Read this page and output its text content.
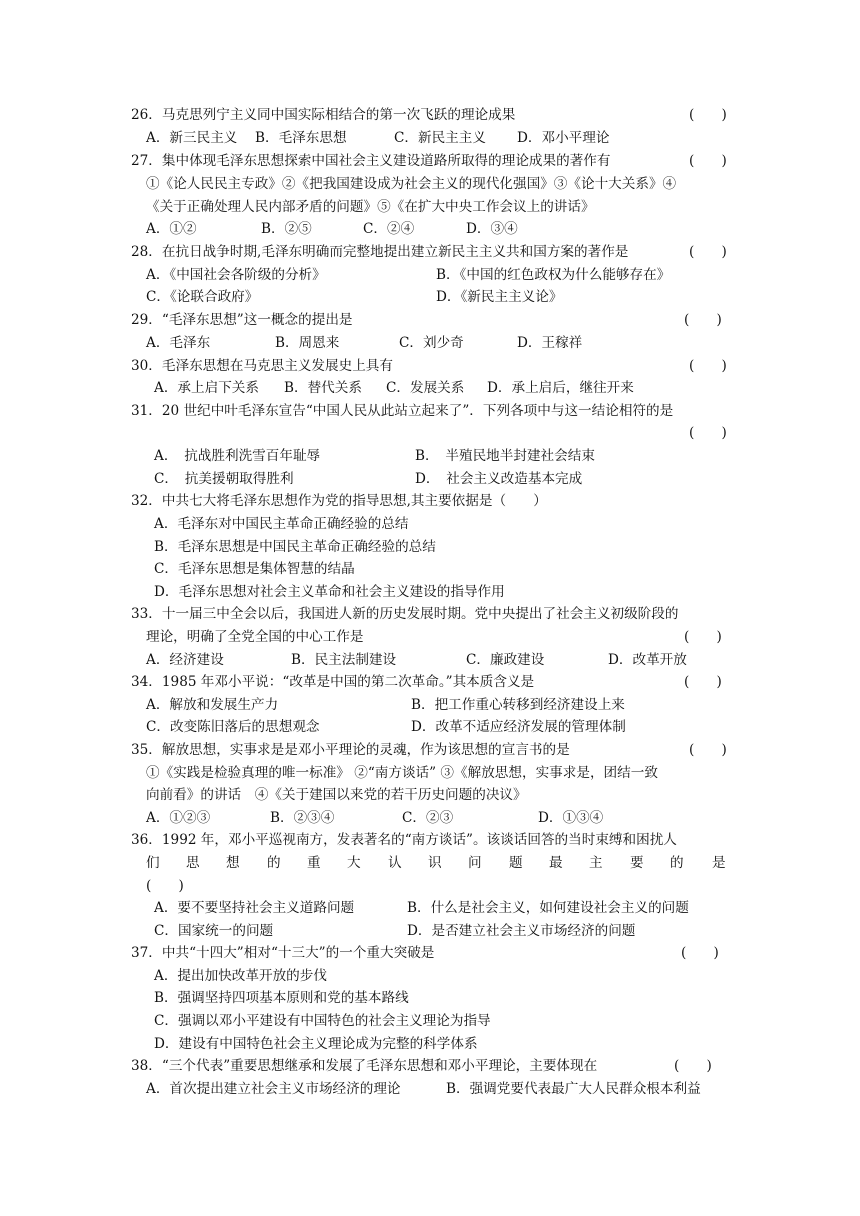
26．马克思列宁主义同中国实际相结合的第一次飞跃的理论成果	(　　)
A．新三民主义 B．毛泽东思想	C．新民主主义 D．邓小平理论
27．集中体现毛泽东思想探索中国社会主义建设道路所取得的理论成果的著作有	(　　)
①《论人民民主专政》②《把我国建设成为社会主义的现代化强国》③《论十大关系》④
《关于正确处理人民内部矛盾的问题》⑤《在扩大中央工作会议上的讲话》
A．①②	B．②⑤	C．②④	D．③④
28．在抗日战争时期,毛泽东明确而完整地提出建立新民主主义共和国方案的著作是	(　　)
A．《中国社会各阶级的分析》	B．《中国的红色政权为什么能够存在》
C．《论联合政府》	D．《新民主主义论》
29．“毛泽东思想”这一概念的提出是	(　　)
A．毛泽东	B．周恩来	C．刘少奇	D．王稼祥
30．毛泽东思想在马克思主义发展史上具有	(　　)
A．承上启下关系 B．替代关系 C．发展关系 D．承上启后，继往开来
31．20 世纪中叶毛泽东宣告“中国人民从此站立起来了”．下列各项中与这一结论相符的是
(　　)
A．　抗战胜利洗雪百年耻辱	B．　半殖民地半封建社会结束
C．　抗美援朝取得胜利	D．　社会主义改造基本完成
32．中共七大将毛泽东思想作为党的指导思想,其主要依据是（　　）
A．毛泽东对中国民主革命正确经验的总结
B．毛泽东思想是中国民主革命正确经验的总结
C．毛泽东思想是集体智慧的结晶
D．毛泽东思想对社会主义革命和社会主义建设的指导作用
33．十一届三中全会以后，我国进人新的历史发展时期。党中央提出了社会主义初级阶段的
理论，明确了全党全国的中心工作是	(　　)
A．经济建设	B．民主法制建设	C．廉政建设	D．改革开放
34．1985 年邓小平说：“改革是中国的第二次革命。”其本质含义是	(　　)
A．解放和发展生产力	B．把工作重心转移到经济建设上来
C．改变陈旧落后的思想观念	D．改革不适应经济发展的管理体制
35．解放思想，实事求是是邓小平理论的灵魂，作为该思想的宣言书的是	(　　)
①《实践是检验真理的唯一标准》 ②“南方谈话” ③《解放思想，实事求是，团结一致
向前看》的讲话　④《关于建国以来党的若干历史问题的决议》
A．①②③	B．②③④	C．②③	D．①③④
36．1992 年，邓小平巡视南方，发表著名的“南方谈话”。该谈话回答的当时束缚和困扰人
们 思 想 的 重 大 认 识 问 题 最 主 要 的 是
(　　)
A．要不要坚持社会主义道路问题	B．什么是社会主义，如何建设社会主义的问题
C．国家统一的问题	D．是否建立社会主义市场经济的问题
37．中共“十四大”相对“十三大”的一个重大突破是	(　　)
A．提出加快改革开放的步伐
B．强调坚持四项基本原则和党的基本路线
C．强调以邓小平建设有中国特色的社会主义理论为指导
D．建设有中国特色社会主义理论成为完整的科学体系
38．“三个代表”重要思想继承和发展了毛泽东思想和邓小平理论，主要体现在	(　　)
A．首次提出建立社会主义市场经济的理论	B．强调党要代表最广大人民群众根本利益
